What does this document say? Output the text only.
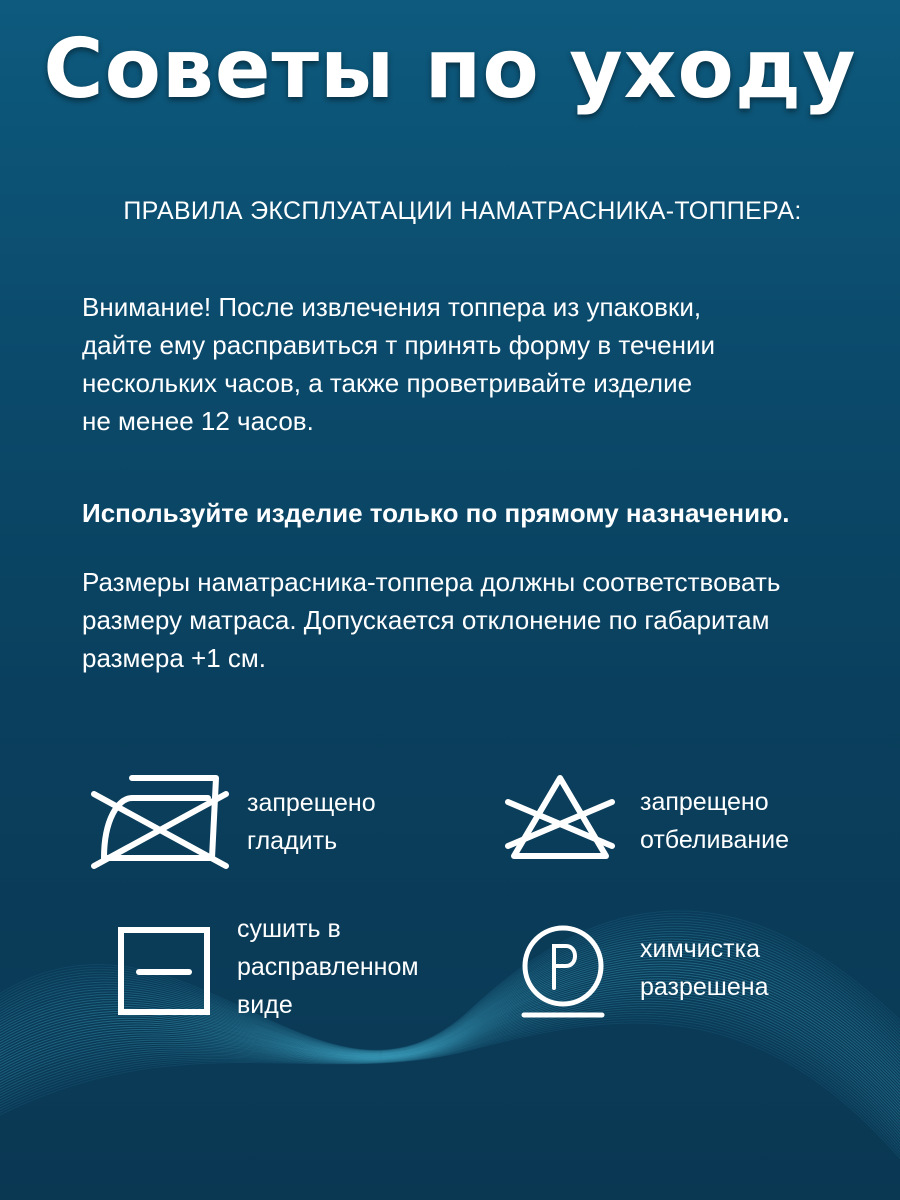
Советы по уходу
ПРАВИЛА ЭКСПЛУАТАЦИИ НАМАТРАСНИКА-ТОППЕРА:
Внимание! После извлечения топпера из упаковки,
дайте ему расправиться т принять форму в течении
нескольких часов, а также проветривайте изделие
не менее 12 часов.
Используйте изделие только по прямому назначению.
Размеры наматрасника-топпера должны соответствовать
размеру матраса. Допускается отклонение по габаритам
размера +1 см.
запрещено
гладить
запрещено
отбеливание
сушить в
расправленном
виде
химчистка
разрешена
